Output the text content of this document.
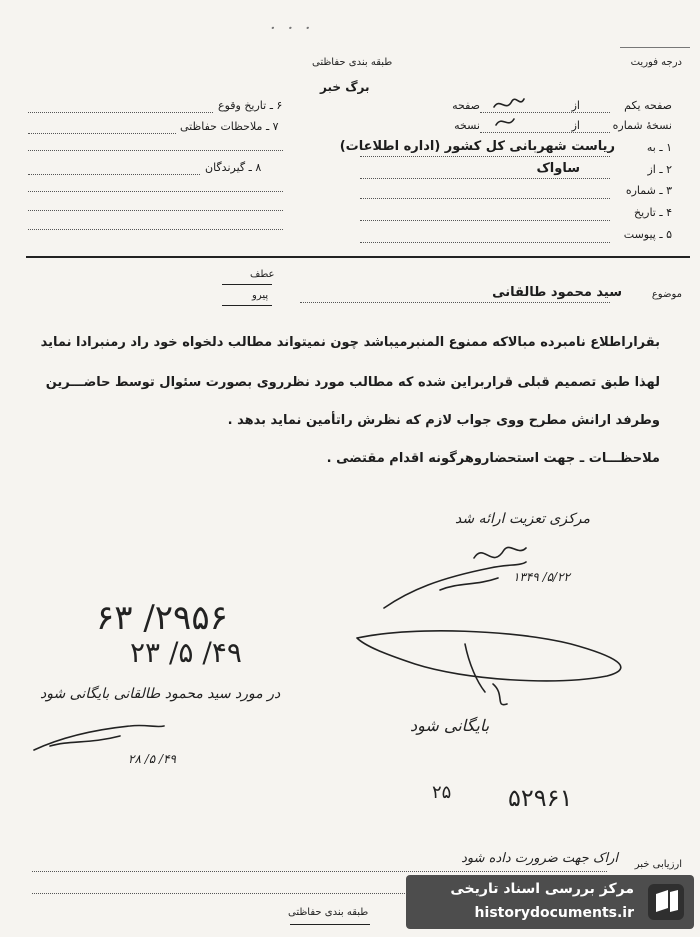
· · ·
طبقه بندی حفاظتی
برگ خبر
درجه فوریت
صفحه یکم
از
صفحه
نسخهٔ شماره
از
نسخه
۱ ـ به
ریاست شهربانی کل کشور (اداره اطلاعات)
۲ ـ از
ساواک
۳ ـ شماره
۴ ـ تاریخ
۵ ـ پیوست
۶ ـ تاریخ وقوع
۷ ـ ملاحظات حفاظتی
۸ ـ گیرندگان
موضوع
سید محمود طالقانی
عطف
پیرو
بقراراطلاع نامبرده مبالاکه ممنوع المنبرمیباشد چون نمیتواند مطالب دلخواه خود راد رمنبرادا نماید
لهذا طبق تصمیم قبلی قراربراین شده که مطالب مورد نظرروی بصورت سئوال توسط حاضـــرین
وطرفد ارانش مطرح ووی جواب لازم که نظرش راتأمین نماید بدهد .
ملاحظـــات ـ جهت استحضاروهرگونه اقدام مقتضی .
مرکزی تعزیت ارائه شد
۵/۲۲/ ۱۳۴۹
۲۹۵۶/ ۶۳
۴۹/ ۵/ ۲۳
در مورد سید محمود طالقانی بایگانی شود
۴۹/ ۵/ ۲۸
بایگانی شود
۲۵ ۵۲۹۶۱
ارزیابی خبر
اراک جهت ضرورت داده شود
طبقه بندی حفاظتی
مرکز بررسی اسناد تاریخی
historydocuments.ir
